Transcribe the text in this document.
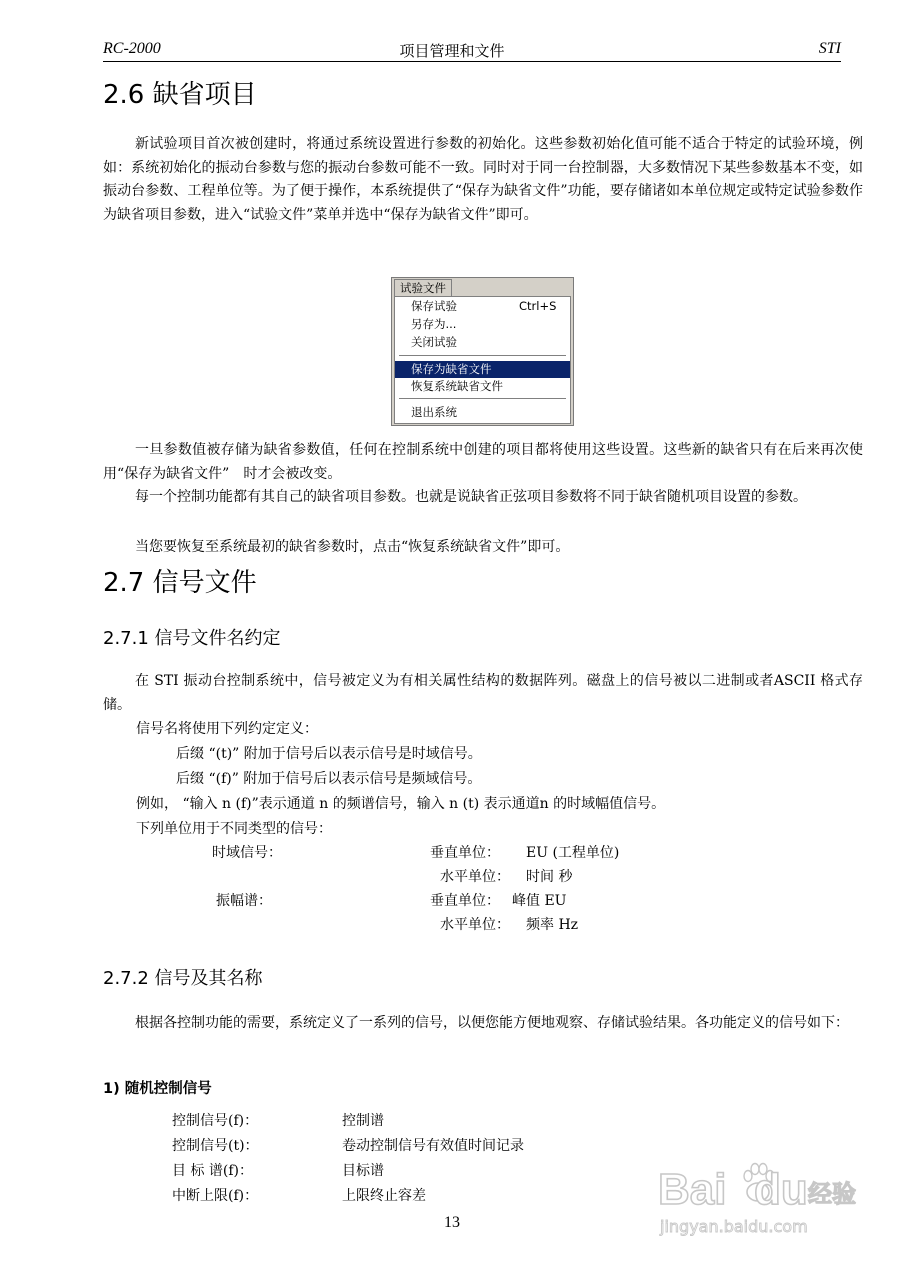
RC-2000	项目管理和文件	STI
2.6 缺省项目
新试验项目首次被创建时，将通过系统设置进行参数的初始化。这些参数初始化值可能不适合于特定的试验环境，例如：系统初始化的振动台参数与您的振动台参数可能不一致。同时对于同一台控制器，大多数情况下某些参数基本不变，如振动台参数、工程单位等。为了便于操作，本系统提供了“保存为缺省文件”功能，要存储诸如本单位规定或特定试验参数作为缺省项目参数，进入“试验文件”菜单并选中“保存为缺省文件”即可。
试验文件
保存试验	Ctrl+S
另存为...
关闭试验
保存为缺省文件
恢复系统缺省文件
退出系统
一旦参数值被存储为缺省参数值，任何在控制系统中创建的项目都将使用这些设置。这些新的缺省只有在后来再次使用“保存为缺省文件”　时才会被改变。
每一个控制功能都有其自己的缺省项目参数。也就是说缺省正弦项目参数将不同于缺省随机项目设置的参数。
当您要恢复至系统最初的缺省参数时，点击“恢复系统缺省文件”即可。
2.7 信号文件
2.7.1 信号文件名约定
在 STI 振动台控制系统中，信号被定义为有相关属性结构的数据阵列。磁盘上的信号被以二进制或者ASCII 格式存储。
信号名将使用下列约定定义：
后缀 “(t)” 附加于信号后以表示信号是时域信号。
后缀 “(f)” 附加于信号后以表示信号是频域信号。
例如， “输入 n (f)”表示通道 n 的频谱信号，输入 n (t) 表示通道n 的时域幅值信号。
下列单位用于不同类型的信号：
时域信号：	垂直单位： EU (工程单位)
水平单位： 时间 秒
振幅谱：	垂直单位： 峰值 EU
水平单位： 频率 Hz
2.7.2 信号及其名称
根据各控制功能的需要，系统定义了一系列的信号，以便您能方便地观察、存储试验结果。各功能定义的信号如下：
1) 随机控制信号
控制信号(f)：	控制谱
控制信号(t)：	卷动控制信号有效值时间记录
目 标 谱(f)：	目标谱
中断上限(f)：	上限终止容差
13
Bai du 经验
jingyan.baidu.com
